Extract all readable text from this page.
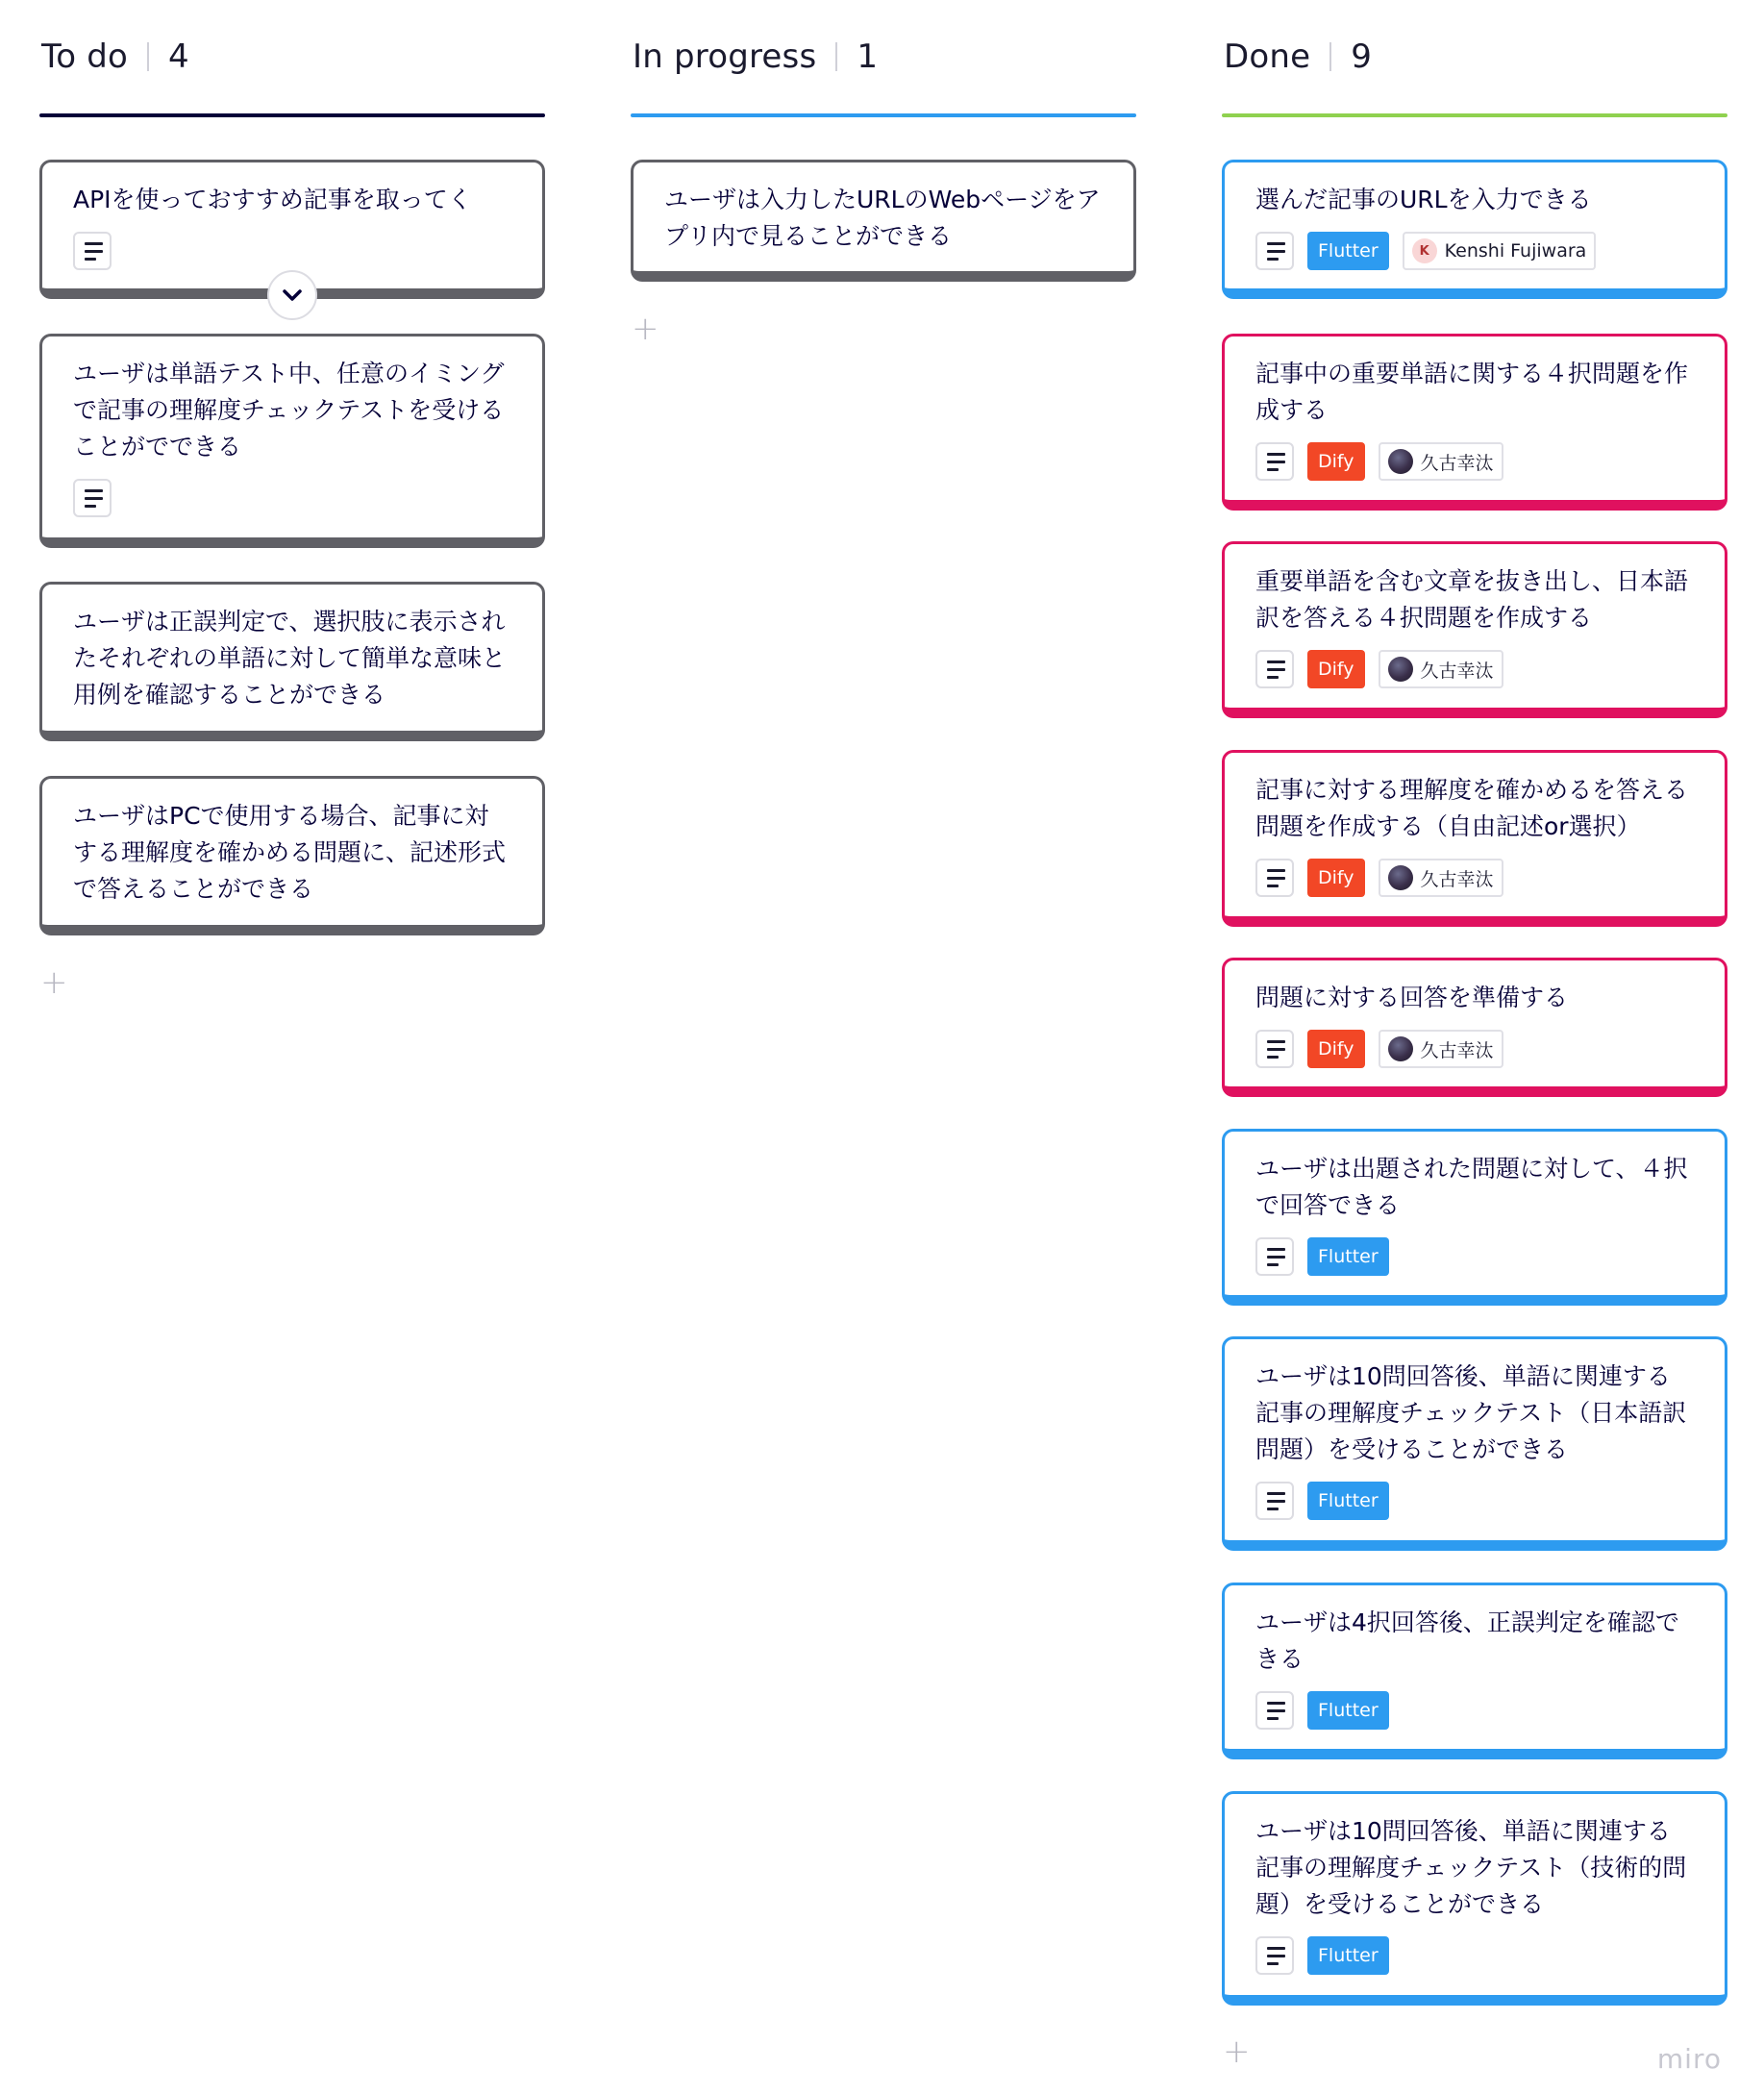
To do 4
APIを使っておすすめ記事を取ってく
ユーザは単語テスト中、任意のイミングで記事の理解度チェックテストを受けることがでできる
ユーザは正誤判定で、選択肢に表示されたそれぞれの単語に対して簡単な意味と用例を確認することができる
ユーザはPCで使用する場合、記事に対する理解度を確かめる問題に、記述形式で答えることができる
+
In progress 1
ユーザは入力したURLのWebページをアプリ内で見ることができる
+
Done 9
選んだ記事のURLを入力できる
Flutter	K Kenshi Fujiwara
記事中の重要単語に関する４択問題を作成する
Dify	久古幸汰
重要単語を含む文章を抜き出し、日本語訳を答える４択問題を作成する
Dify	久古幸汰
記事に対する理解度を確かめるを答える問題を作成する（自由記述or選択）
Dify	久古幸汰
問題に対する回答を準備する
Dify	久古幸汰
ユーザは出題された問題に対して、４択で回答できる
Flutter
ユーザは10問回答後、単語に関連する記事の理解度チェックテスト（日本語訳問題）を受けることができる
Flutter
ユーザは4択回答後、正誤判定を確認できる
Flutter
ユーザは10問回答後、単語に関連する記事の理解度チェックテスト（技術的問題）を受けることができる
Flutter
+	miro
